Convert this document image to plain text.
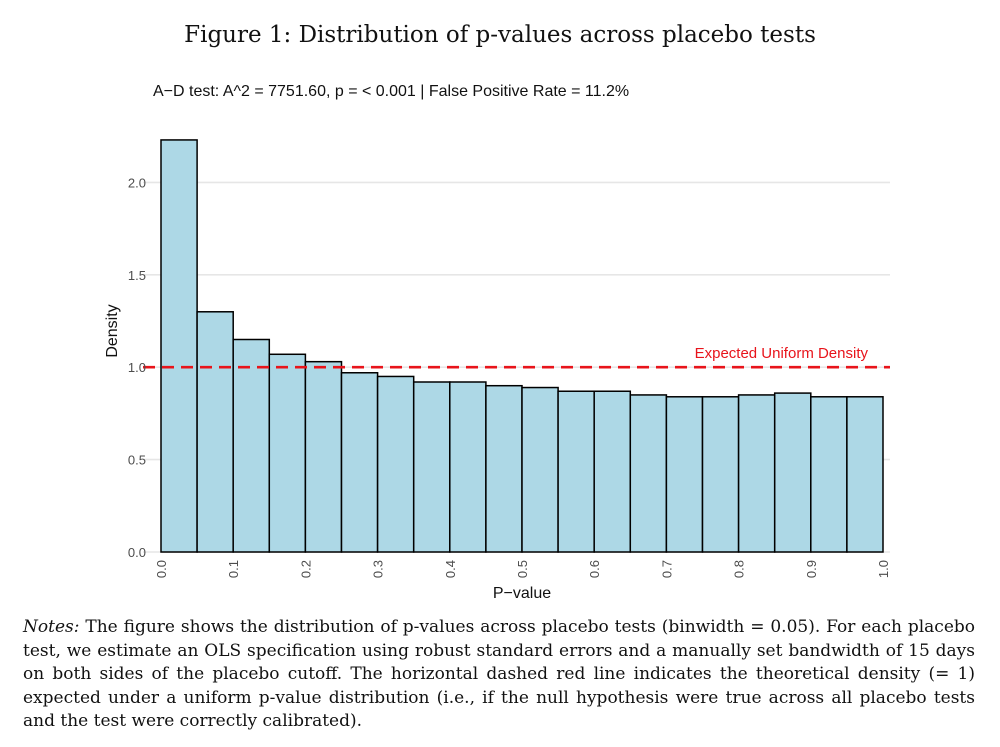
Figure 1: Distribution of p-values across placebo tests
Expected Uniform Density
0.0
0.5
1.0
1.5
2.0
0.0	0.1	0.2	0.3	0.4	0.5	0.6	0.7	0.8	0.9	1.0
A−D test: A^2 = 7751.60, p = < 0.001 | False Positive Rate = 11.2%
P−value
Density
Notes: The figure shows the distribution of p-values across placebo tests (binwidth = 0.05). For each placebo test, we estimate an OLS specification using robust standard errors and a manually set bandwidth of 15 days on both sides of the placebo cutoff. The horizontal dashed red line indicates the theoretical density (= 1) expected under a uniform p-value distribution (i.e., if the null hypothesis were true across all placebo tests and the test were correctly calibrated).
